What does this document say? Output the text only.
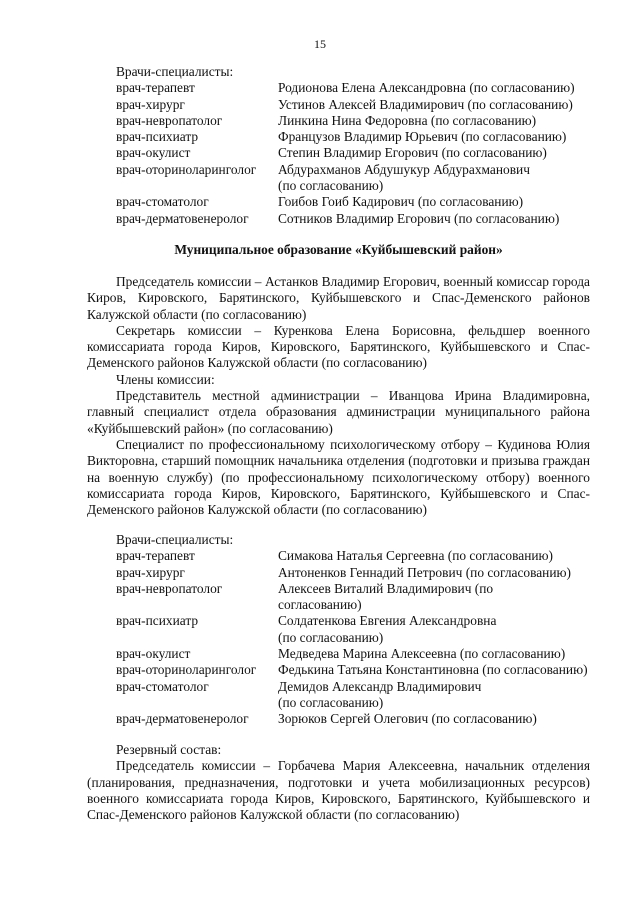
15
Врачи-специалисты:
врач-терапевт	Родионова Елена Александровна (по согласованию)
врач-хирург	Устинов Алексей Владимирович (по согласованию)
врач-невропатолог	Линкина Нина Федоровна (по согласованию)
врач-психиатр	Французов Владимир Юрьевич (по согласованию)
врач-окулист	Степин Владимир Егорович (по согласованию)
врач-оториноларинголог	Абдурахманов Абдушукур Абдурахманович
(по согласованию)
врач-стоматолог	Гоибов Гоиб Кадирович (по согласованию)
врач-дерматовенеролог	Сотников Владимир Егорович (по согласованию)
Муниципальное образование «Куйбышевский район»

Председатель комиссии – Астанков Владимир Егорович, военный комиссар города Киров, Кировского, Барятинского, Куйбышевского и Спас-Деменского районов Калужской области (по согласованию)

Секретарь комиссии – Куренкова Елена Борисовна, фельдшер военного комиссариата города Киров, Кировского, Барятинского, Куйбышевского и Спас-Деменского районов Калужской области (по согласованию)

Члены комиссии:

Представитель местной администрации – Иванцова Ирина Владимировна, главный специалист отдела образования администрации муниципального района «Куйбышевский район» (по согласованию)

Специалист по профессиональному психологическому отбору – Кудинова Юлия Викторовна, старший помощник начальника отделения (подготовки и призыва граждан на военную службу) (по профессиональному психологическому отбору) военного комиссариата города Киров, Кировского, Барятинского, Куйбышевского и Спас-Деменского районов Калужской области (по согласованию)

Врачи-специалисты:
врач-терапевт	Симакова Наталья Сергеевна (по согласованию)
врач-хирург	Антоненков Геннадий Петрович (по согласованию)
врач-невропатолог	Алексеев Виталий Владимирович (по
согласованию)
врач-психиатр	Солдатенкова Евгения Александровна
(по согласованию)
врач-окулист	Медведева Марина Алексеевна (по согласованию)
врач-оториноларинголог	Федькина Татьяна Константиновна (по согласованию)
врач-стоматолог	Демидов Александр Владимирович
(по согласованию)
врач-дерматовенеролог	Зорюков Сергей Олегович (по согласованию)

Резервный состав:

Председатель комиссии – Горбачева Мария Алексеевна, начальник отделения (планирования, предназначения, подготовки и учета мобилизационных ресурсов) военного комиссариата города Киров, Кировского, Барятинского, Куйбышевского и Спас-Деменского районов Калужской области (по согласованию)
